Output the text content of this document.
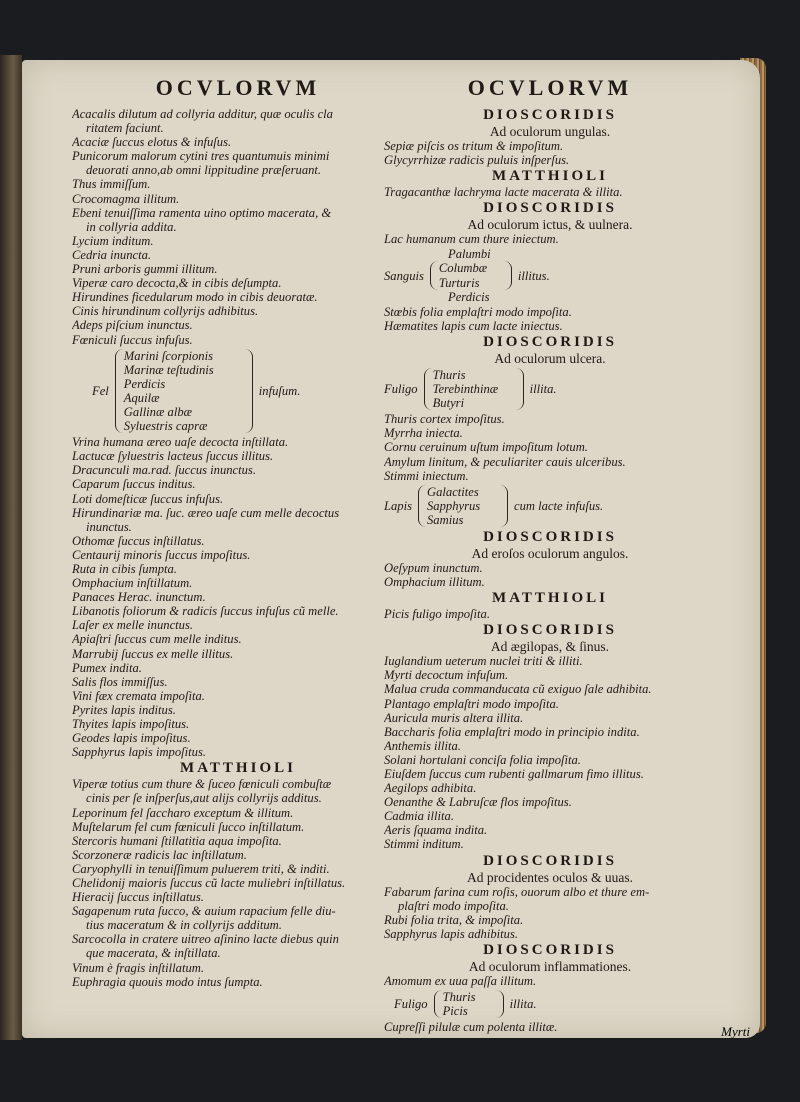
OCVLORVM
Acacalis dilutum ad collyria additur, quæ oculis cla
ritatem faciunt.
Acaciæ ſuccus elotus & infuſus.
Punicorum malorum cytini tres quantumuis minimi
deuorati anno,ab omni lippitudine præſeruant.
Thus immiſſum.
Crocomagma illitum.
Ebeni tenuiſſima ramenta uino optimo macerata, &
in collyria addita.
Lycium inditum.
Cedria inuncta.
Pruni arboris gummi illitum.
Viperæ caro decocta,& in cibis deſumpta.
Hirundines ficedularum modo in cibis deuoratæ.
Cinis hirundinum collyrijs adhibitus.
Adeps piſcium inunctus.
Fœniculi ſuccus infuſus.
Fel
Marini ſcorpionis
Marinæ teſtudinis
Perdicis
Aquilæ
Gallinæ albæ
Syluestris capræ
infuſum.
Vrina humana æreo uaſe decocta inſtillata.
Lactucæ ſyluestris lacteus ſuccus illitus.
Dracunculi ma.rad. ſuccus inunctus.
Caparum ſuccus inditus.
Loti domeſticæ ſuccus infuſus.
Hirundinariæ ma. ſuc. æreo uaſe cum melle decoctus
inunctus.
Othomæ ſuccus inſtillatus.
Centaurij minoris ſuccus impoſitus.
Ruta in cibis ſumpta.
Omphacium inſtillatum.
Panaces Herac. inunctum.
Libanotis foliorum & radicis ſuccus infuſus cũ melle.
Laſer ex melle inunctus.
Apiaſtri ſuccus cum melle inditus.
Marrubij ſuccus ex melle illitus.
Pumex indita.
Salis flos immiſſus.
Vini fæx cremata impoſita.
Pyrites lapis inditus.
Thyites lapis impoſitus.
Geodes lapis impoſitus.
Sapphyrus lapis impoſitus.
MATTHIOLI
Viperæ totius cum thure & ſuceo fœniculi combuſtæ
cinis per ſe inſperſus,aut alijs collyrijs additus.
Leporinum fel ſaccharo exceptum & illitum.
Muſtelarum fel cum fœniculi ſucco inſtillatum.
Stercoris humani ſtillatitia aqua impoſita.
Scorzoneræ radicis lac inſtillatum.
Caryophylli in tenuiſſimum puluerem triti, & inditi.
Chelidonij maioris ſuccus cũ lacte muliebri inſtillatus.
Hieracij ſuccus inſtillatus.
Sagapenum ruta ſucco, & auium rapacium felle diu-
tius maceratum & in collyrijs additum.
Sarcocolla in cratere uitreo aſinino lacte diebus quin
que macerata, & inſtillata.
Vinum è fragis inſtillatum.
Euphragia quouis modo intus ſumpta.
OCVLORVM
DIOSCORIDIS
Ad oculorum ungulas.
Sepiæ piſcis os tritum & impoſitum.
Glycyrrhizæ radicis puluis inſperſus.
MATTHIOLI
Tragacanthæ lachryma lacte macerata & illita.
DIOSCORIDIS
Ad oculorum ictus, & uulnera.
Lac humanum cum thure iniectum.
Palumbi
Sanguis
Columbæ
Turturis
illitus.
Perdicis
Stœbis folia emplaſtri modo impoſita.
Hæmatites lapis cum lacte iniectus.
DIOSCORIDIS
Ad oculorum ulcera.
Fuligo
Thuris
Terebinthinæ
Butyri
illita.
Thuris cortex impoſitus.
Myrrha iniecta.
Cornu ceruinum uſtum impoſitum lotum.
Amylum linitum, & peculiariter cauis ulceribus.
Stimmi iniectum.
Lapis
Galactites
Sapphyrus
Samius
cum lacte infuſus.
DIOSCORIDIS
Ad eroſos oculorum angulos.
Oeſypum inunctum.
Omphacium illitum.
MATTHIOLI
Picis fuligo impoſita.
DIOSCORIDIS
Ad ægilopas, & ſinus.
Iuglandium ueterum nuclei triti & illiti.
Myrti decoctum infuſum.
Malua cruda commanducata cũ exiguo ſale adhibita.
Plantago emplaſtri modo impoſita.
Auricula muris altera illita.
Baccharis folia emplaſtri modo in principio indita.
Anthemis illita.
Solani hortulani conciſa folia impoſita.
Eiuſdem ſuccus cum rubenti gallmarum fimo illitus.
Aegilops adhibita.
Oenanthe & Labruſcæ flos impoſitus.
Cadmia illita.
Aeris ſquama indita.
Stimmi inditum.
DIOSCORIDIS
Ad procidentes oculos & uuas.
Fabarum farina cum roſis, ouorum albo et thure em-
plaſtri modo impoſita.
Rubi folia trita, & impoſita.
Sapphyrus lapis adhibitus.
DIOSCORIDIS
Ad oculorum inflammationes.
Amomum ex uua paſſa illitum.
Fuligo
Thuris
Picis
illita.
Cupreſſi pilulæ cum polenta illitæ.	Myrti
